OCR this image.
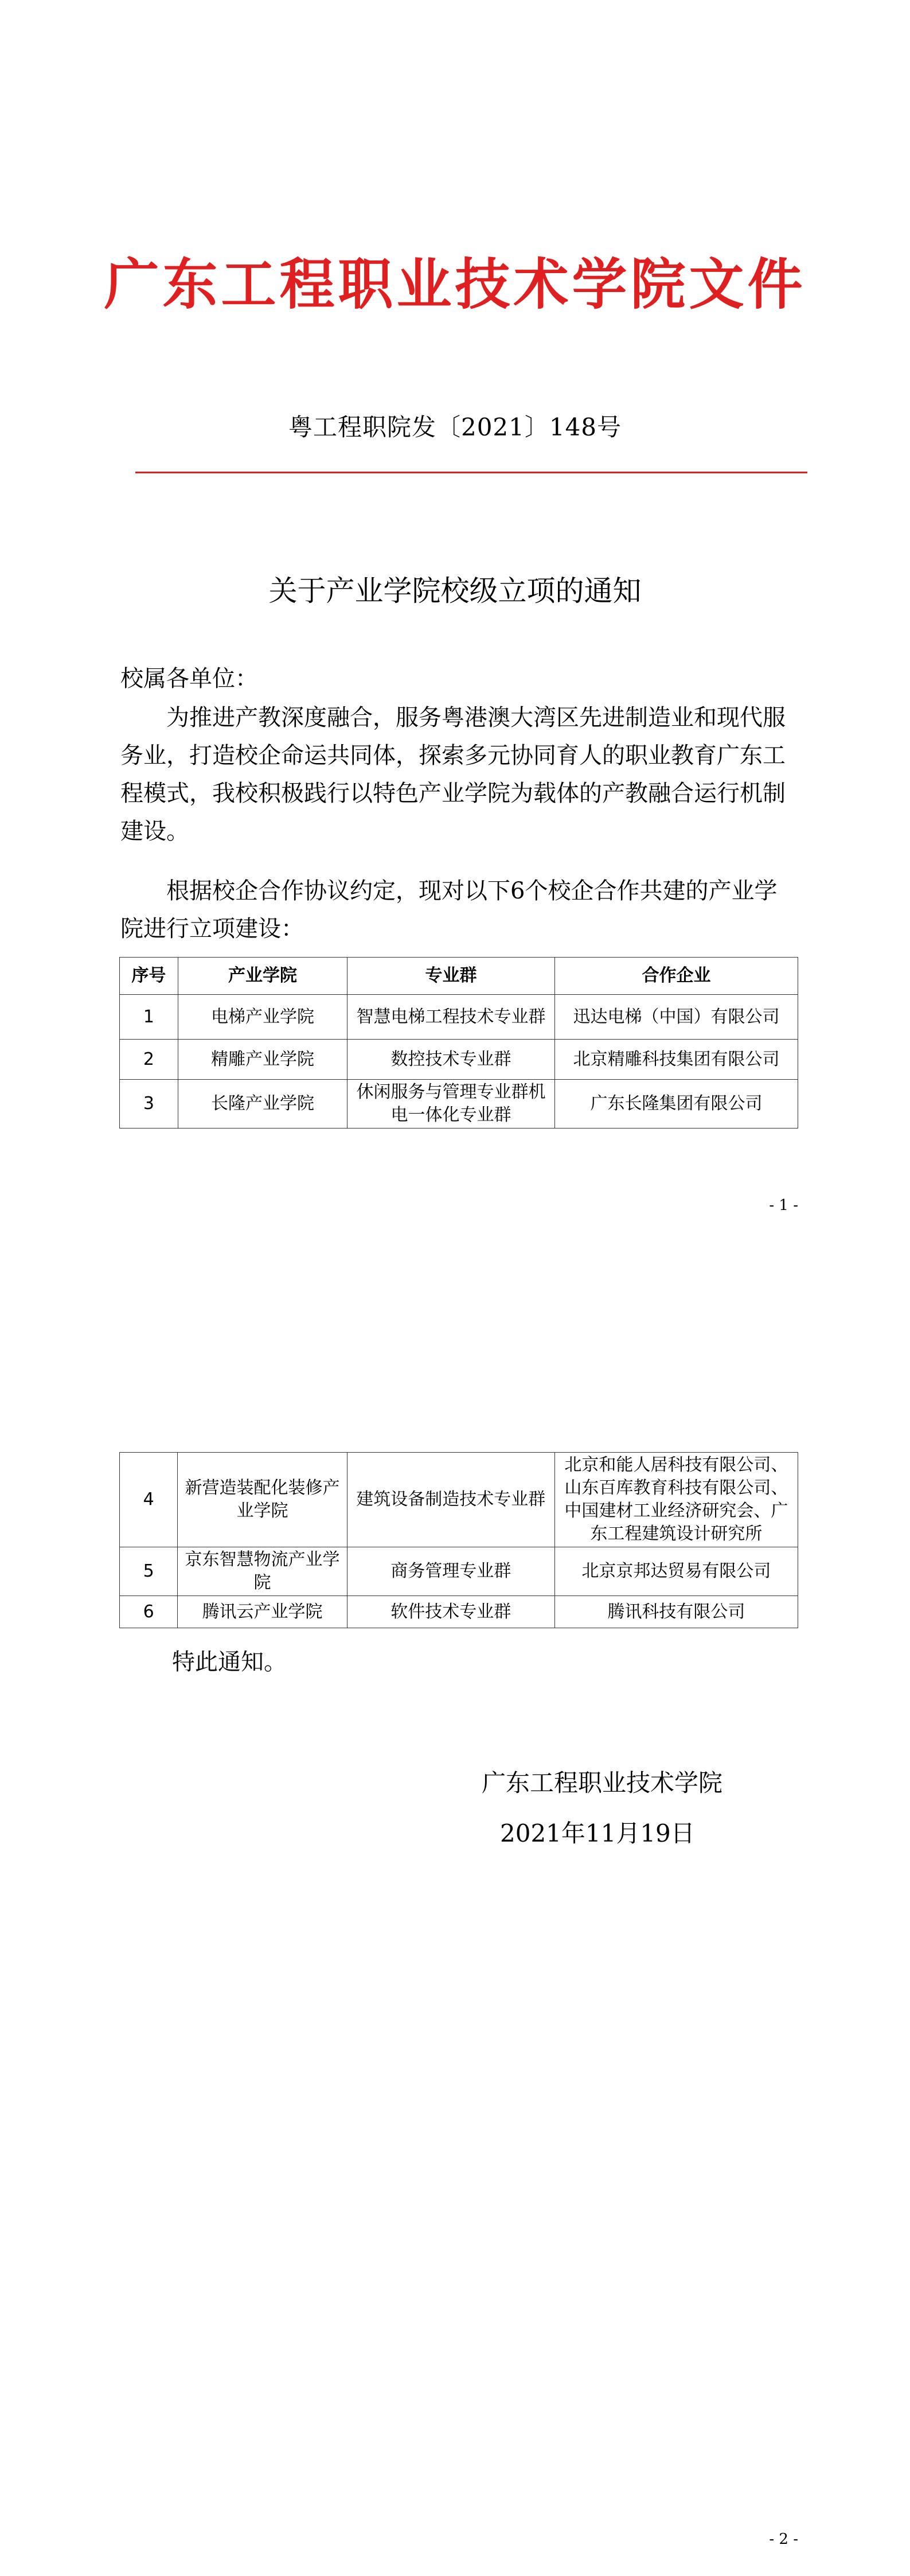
广东工程职业技术学院文件
粤工程职院发〔2021〕148号
关于产业学院校级立项的通知
校属各单位：
为推进产教深度融合，服务粤港澳大湾区先进制造业和现代服务业，打造校企命运共同体，探索多元协同育人的职业教育广东工程模式，我校积极践行以特色产业学院为载体的产教融合运行机制建设。
根据校企合作协议约定，现对以下6个校企合作共建的产业学院进行立项建设：
序号	产业学院	专业群	合作企业
1	电梯产业学院	智慧电梯工程技术专业群	迅达电梯（中国）有限公司
2	精雕产业学院	数控技术专业群	北京精雕科技集团有限公司
3	长隆产业学院	休闲服务与管理专业群机电一体化专业群	广东长隆集团有限公司
- 1 -
4	新营造装配化装修产业学院	建筑设备制造技术专业群	北京和能人居科技有限公司、山东百库教育科技有限公司、中国建材工业经济研究会、广东工程建筑设计研究所
5	京东智慧物流产业学院	商务管理专业群	北京京邦达贸易有限公司
6	腾讯云产业学院	软件技术专业群	腾讯科技有限公司
特此通知。
广东工程职业技术学院
2021年11月19日
- 2 -
